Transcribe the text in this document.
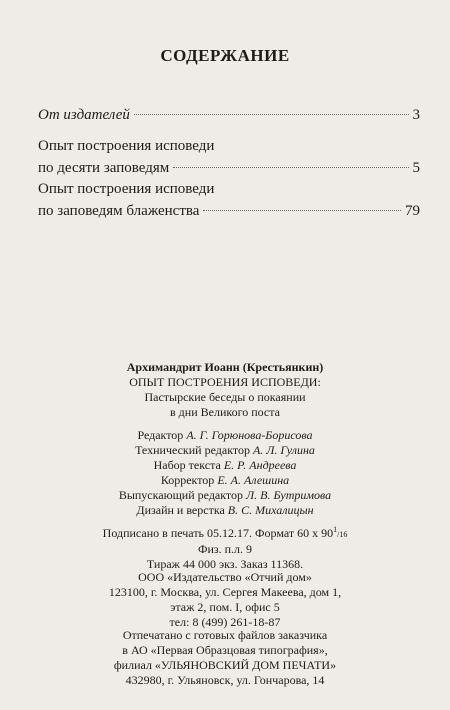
СОДЕРЖАНИЕ
От издателей	3
Опыт построения исповеди
по десяти заповедям	5
Опыт построения исповеди
по заповедям блаженства	79
Архимандрит Иоанн (Крестьянкин)
ОПЫТ ПОСТРОЕНИЯ ИСПОВЕДИ:
Пастырские беседы о покаянии
в дни Великого поста
Редактор А. Г. Горюнова-Борисова
Технический редактор А. Л. Гулина
Набор текста Е. Р. Андреева
Корректор Е. А. Алешина
Выпускающий редактор Л. В. Бутримова
Дизайн и верстка В. С. Михалицын
Подписано в печать 05.12.17. Формат 60 х $90^1/16$
Физ. п.л. 9
Тираж 44 000 экз. Заказ 11368.
ООО «Издательство «Отчий дом»
123100, г. Москва, ул. Сергея Макеева, дом 1,
этаж 2, пом. I, офис 5
тел: 8 (499) 261-18-87
Отпечатано с готовых файлов заказчика
в АО «Первая Образцовая типография»,
филиал «УЛЬЯНОВСКИЙ ДОМ ПЕЧАТИ»
432980, г. Ульяновск, ул. Гончарова, 14
